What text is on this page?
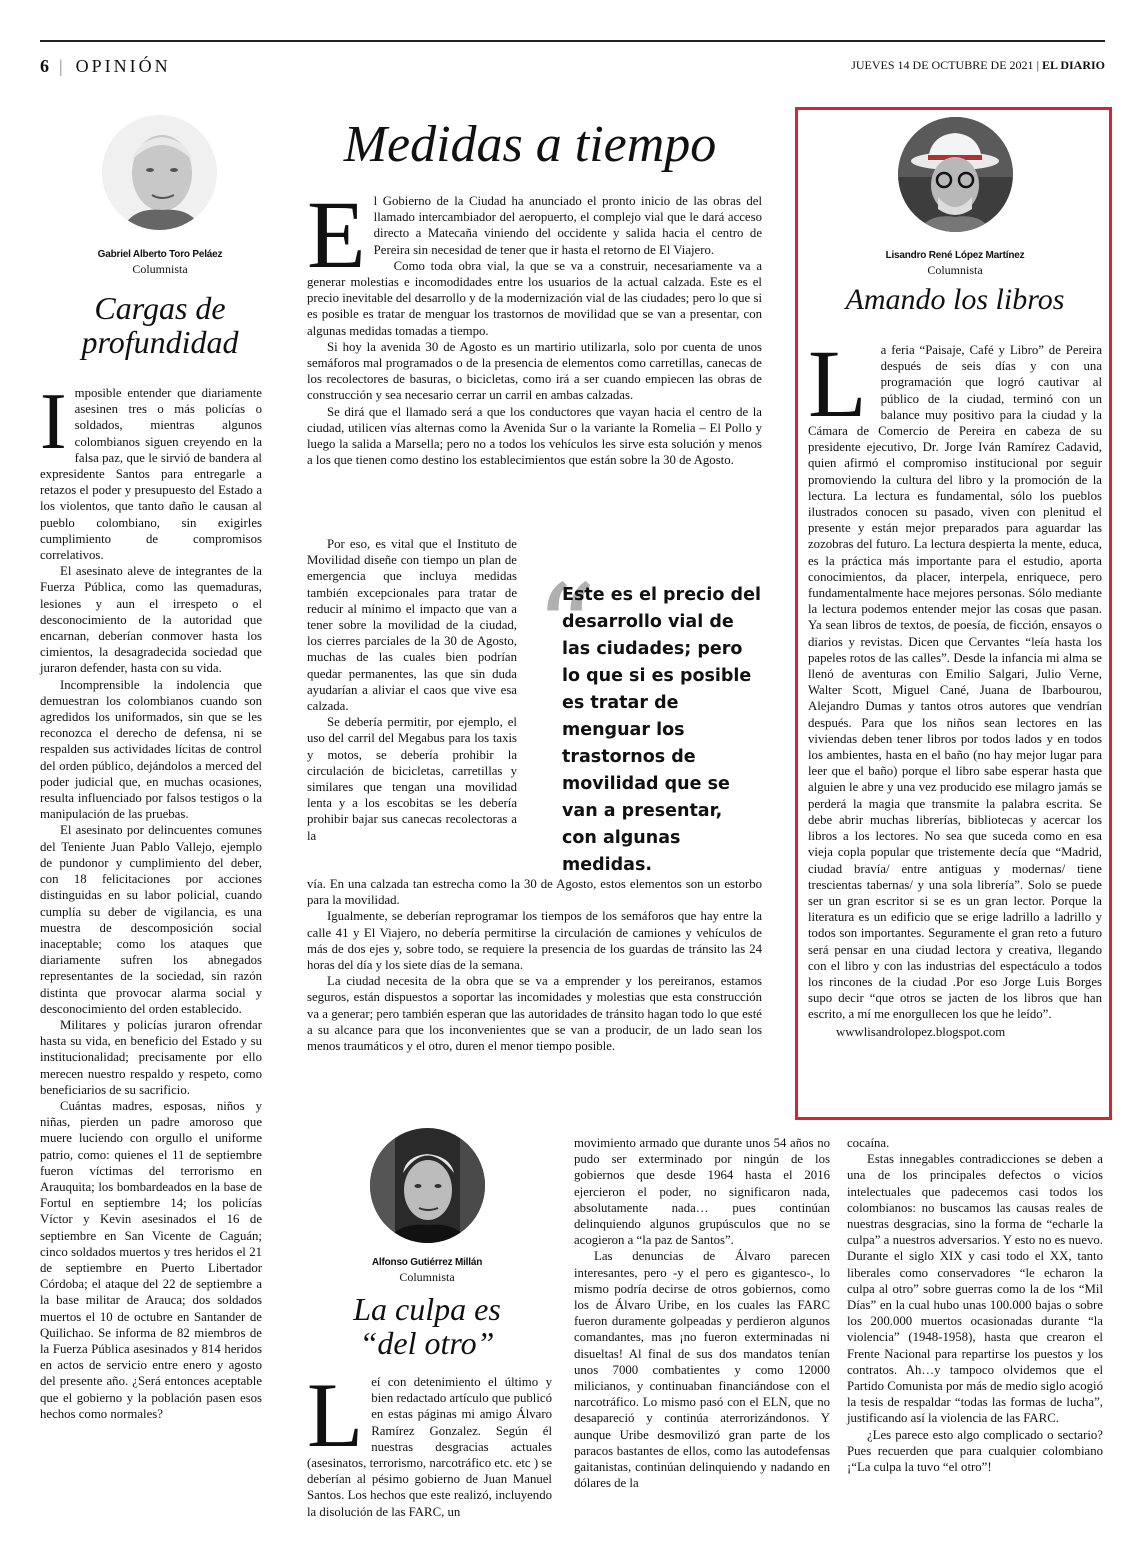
6 | OPINIÓN	JUEVES 14 DE OCTUBRE DE 2021 | EL DIARIO
Gabriel Alberto Toro Peláez
Columnista
Cargas de profundidad

Imposible entender que diariamente asesinen tres o más policías o soldados, mientras algunos colombianos siguen creyendo en la falsa paz, que le sirvió de bandera al expresidente Santos para entregarle a retazos el poder y presupuesto del Estado a los violentos, que tanto daño le causan al pueblo colombiano, sin exigirles cumplimiento de compromisos correlativos.

El asesinato aleve de integrantes de la Fuerza Pública, como las quemaduras, lesiones y aun el irrespeto o el desconocimiento de la autoridad que encarnan, deberían conmover hasta los cimientos, la desagradecida sociedad que juraron defender, hasta con su vida.

Incomprensible la indolencia que demuestran los colombianos cuando son agredidos los uniformados, sin que se les reconozca el derecho de defensa, ni se respalden sus actividades lícitas de control del orden público, dejándolos a merced del poder judicial que, en muchas ocasiones, resulta influenciado por falsos testigos o la manipulación de las pruebas.

El asesinato por delincuentes comunes del Teniente Juan Pablo Vallejo, ejemplo de pundonor y cumplimiento del deber, con 18 felicitaciones por acciones distinguidas en su labor policial, cuando cumplía su deber de vigilancia, es una muestra de descomposición social inaceptable; como los ataques que diariamente sufren los abnegados representantes de la sociedad, sin razón distinta que provocar alarma social y desconocimiento del orden establecido.

Militares y policías juraron ofrendar hasta su vida, en beneficio del Estado y su institucionalidad; precisamente por ello merecen nuestro respaldo y respeto, como beneficiarios de su sacrificio.

Cuántas madres, esposas, niños y niñas, pierden un padre amoroso que muere luciendo con orgullo el uniforme patrio, como: quienes el 11 de septiembre fueron víctimas del terrorismo en Arauquita; los bombardeados en la base de Fortul en septiembre 14; los policías Víctor y Kevin asesinados el 16 de septiembre en San Vicente de Caguán; cinco soldados muertos y tres heridos el 21 de septiembre en Puerto Libertador Córdoba; el ataque del 22 de septiembre a la base militar de Arauca; dos soldados muertos el 10 de octubre en Santander de Quilichao. Se informa de 82 miembros de la Fuerza Pública asesinados y 814 heridos en actos de servicio entre enero y agosto del presente año. ¿Será entonces aceptable que el gobierno y la población pasen esos hechos como normales?

Medidas a tiempo

El Gobierno de la Ciudad ha anunciado el pronto inicio de las obras del llamado intercambiador del aeropuerto, el complejo vial que le dará acceso directo a Matecaña viniendo del occidente y salida hacia el centro de Pereira sin necesidad de tener que ir hasta el retorno de El Viajero.

Como toda obra vial, la que se va a construir, necesariamente va a generar molestias e incomodidades entre los usuarios de la actual calzada. Este es el precio inevitable del desarrollo y de la modernización vial de las ciudades; pero lo que si es posible es tratar de menguar los trastornos de movilidad que se van a presentar, con algunas medidas tomadas a tiempo.

Si hoy la avenida 30 de Agosto es un martirio utilizarla, solo por cuenta de unos semáforos mal programados o de la presencia de elementos como carretillas, canecas de los recolectores de basuras, o bicicletas, como irá a ser cuando empiecen las obras de construcción y sea necesario cerrar un carril en ambas calzadas.

Se dirá que el llamado será a que los conductores que vayan hacia el centro de la ciudad, utilicen vías alternas como la Avenida Sur o la variante la Romelia – El Pollo y luego la salida a Marsella; pero no a todos los vehículos les sirve esta solución y menos a los que tienen como destino los establecimientos que están sobre la 30 de Agosto.

Por eso, es vital que el Instituto de Movilidad diseñe con tiempo un plan de emergencia que incluya medidas también excepcionales para tratar de reducir al mínimo el impacto que van a tener sobre la movilidad de la ciudad, los cierres parciales de la 30 de Agosto, muchas de las cuales bien podrían quedar permanentes, las que sin duda ayudarían a aliviar el caos que vive esa calzada.

Se debería permitir, por ejemplo, el uso del carril del Megabus para los taxis y motos, se debería prohibir la circulación de bicicletas, carretillas y similares que tengan una movilidad lenta y a los escobitas se les debería prohibir bajar sus canecas recolectoras a la

“
Este es el precio del desarrollo vial de las ciudades; pero lo que si es posible es tratar de menguar los trastornos de movilidad que se van a presentar, con algunas medidas.

vía. En una calzada tan estrecha como la 30 de Agosto, estos elementos son un estorbo para la movilidad.

Igualmente, se deberían reprogramar los tiempos de los semáforos que hay entre la calle 41 y El Viajero, no debería permitirse la circulación de camiones y vehículos de más de dos ejes y, sobre todo, se requiere la presencia de los guardas de tránsito las 24 horas del día y los siete días de la semana.

La ciudad necesita de la obra que se va a emprender y los pereiranos, estamos seguros, están dispuestos a soportar las incomidades y molestias que esta construcción va a generar; pero también esperan que las autoridades de tránsito hagan todo lo que esté a su alcance para que los inconvenientes que se van a producir, de un lado sean los menos traumáticos y el otro, duren el menor tiempo posible.

Lisandro René López Martínez
Columnista
Amando los libros

L a feria “Paisaje, Café y Libro” de Pereira después de seis días y con una programación que logró cautivar al público de la ciudad, terminó con un balance muy positivo para la ciudad y la Cámara de Comercio de Pereira en cabeza de su presidente ejecutivo, Dr. Jorge Iván Ramírez Cadavid, quien afirmó el compromiso institucional por seguir promoviendo la cultura del libro y la promoción de la lectura. La lectura es fundamental, sólo los pueblos ilustrados conocen su pasado, viven con plenitud el presente y están mejor preparados para aguardar las zozobras del futuro. La lectura despierta la mente, educa, es la práctica más importante para el estudio, aporta conocimientos, da placer, interpela, enriquece, pero fundamentalmente hace mejores personas. Sólo mediante la lectura podemos entender mejor las cosas que pasan. Ya sean libros de textos, de poesía, de ficción, ensayos o diarios y revistas. Dicen que Cervantes “leía hasta los papeles rotos de las calles”. Desde la infancia mi alma se llenó de aventuras con Emilio Salgari, Julio Verne, Walter Scott, Miguel Cané, Juana de Ibarbourou, Alejandro Dumas y tantos otros autores que vendrían después. Para que los niños sean lectores en las viviendas deben tener libros por todos lados y en todos los ambientes, hasta en el baño (no hay mejor lugar para leer que el baño) porque el libro sabe esperar hasta que alguien le abre y una vez producido ese milagro jamás se perderá la magia que transmite la palabra escrita. Se debe abrir muchas librerías, bibliotecas y acercar los libros a los lectores. No sea que suceda como en esa vieja copla popular que tristemente decía que “Madrid, ciudad bravía/ entre antiguas y modernas/ tiene trescientas tabernas/ y una sola librería”. Solo se puede ser un gran escritor si se es un gran lector. Porque la literatura es un edificio que se erige ladrillo a ladrillo y todos son importantes. Seguramente el gran reto a futuro será pensar en una ciudad lectora y creativa, llegando con el libro y con las industrias del espectáculo a todos los rincones de la ciudad .Por eso Jorge Luis Borges supo decir “que otros se jacten de los libros que han escrito, a mí me enorgullecen los que he leído”.

wwwlisandrolopez.blogspot.com

Alfonso Gutiérrez Millán
Columnista
La culpa es “del otro”

Leí con detenimiento el último y bien redactado artículo que publicó en estas páginas mi amigo Álvaro Ramírez Gonzalez. Según él nuestras desgracias actuales (asesinatos, terrorismo, narcotráfico etc. etc ) se deberían al pésimo gobierno de Juan Manuel Santos. Los hechos que este realizó, incluyendo la disolución de las FARC, un

movimiento armado que durante unos 54 años no pudo ser exterminado por ningún de los gobiernos que desde 1964 hasta el 2016 ejercieron el poder, no significaron nada, absolutamente nada… pues continúan delinquiendo algunos grupúsculos que no se acogieron a “la paz de Santos”.

Las denuncias de Álvaro parecen interesantes, pero -y el pero es gigantesco-, lo mismo podría decirse de otros gobiernos, como los de Álvaro Uribe, en los cuales las FARC fueron duramente golpeadas y perdieron algunos comandantes, mas ¡no fueron exterminadas ni disueltas! Al final de sus dos mandatos tenían unos 7000 combatientes y como 12000 milicianos, y continuaban financiándose con el narcotráfico. Lo mismo pasó con el ELN, que no desapareció y continúa aterrorizándonos. Y aunque Uribe desmovilizó gran parte de los paracos bastantes de ellos, como las autodefensas gaitanistas, continúan delinquiendo y nadando en dólares de la

cocaína.

Estas innegables contradicciones se deben a una de los principales defectos o vicios intelectuales que padecemos casi todos los colombianos: no buscamos las causas reales de nuestras desgracias, sino la forma de “echarle la culpa” a nuestros adversarios. Y esto no es nuevo. Durante el siglo XIX y casi todo el XX, tanto liberales como conservadores “le echaron la culpa al otro” sobre guerras como la de los “Mil Días” en la cual hubo unas 100.000 bajas o sobre los 200.000 muertos ocasionadas durante “la violencia” (1948-1958), hasta que crearon el Frente Nacional para repartirse los puestos y los contratos. Ah…y tampoco olvidemos que el Partido Comunista por más de medio siglo acogió la tesis de respaldar “todas las formas de lucha”, justificando así la violencia de las FARC.

¿Les parece esto algo complicado o sectario? Pues recuerden que para cualquier colombiano ¡“La culpa la tuvo “el otro”!
